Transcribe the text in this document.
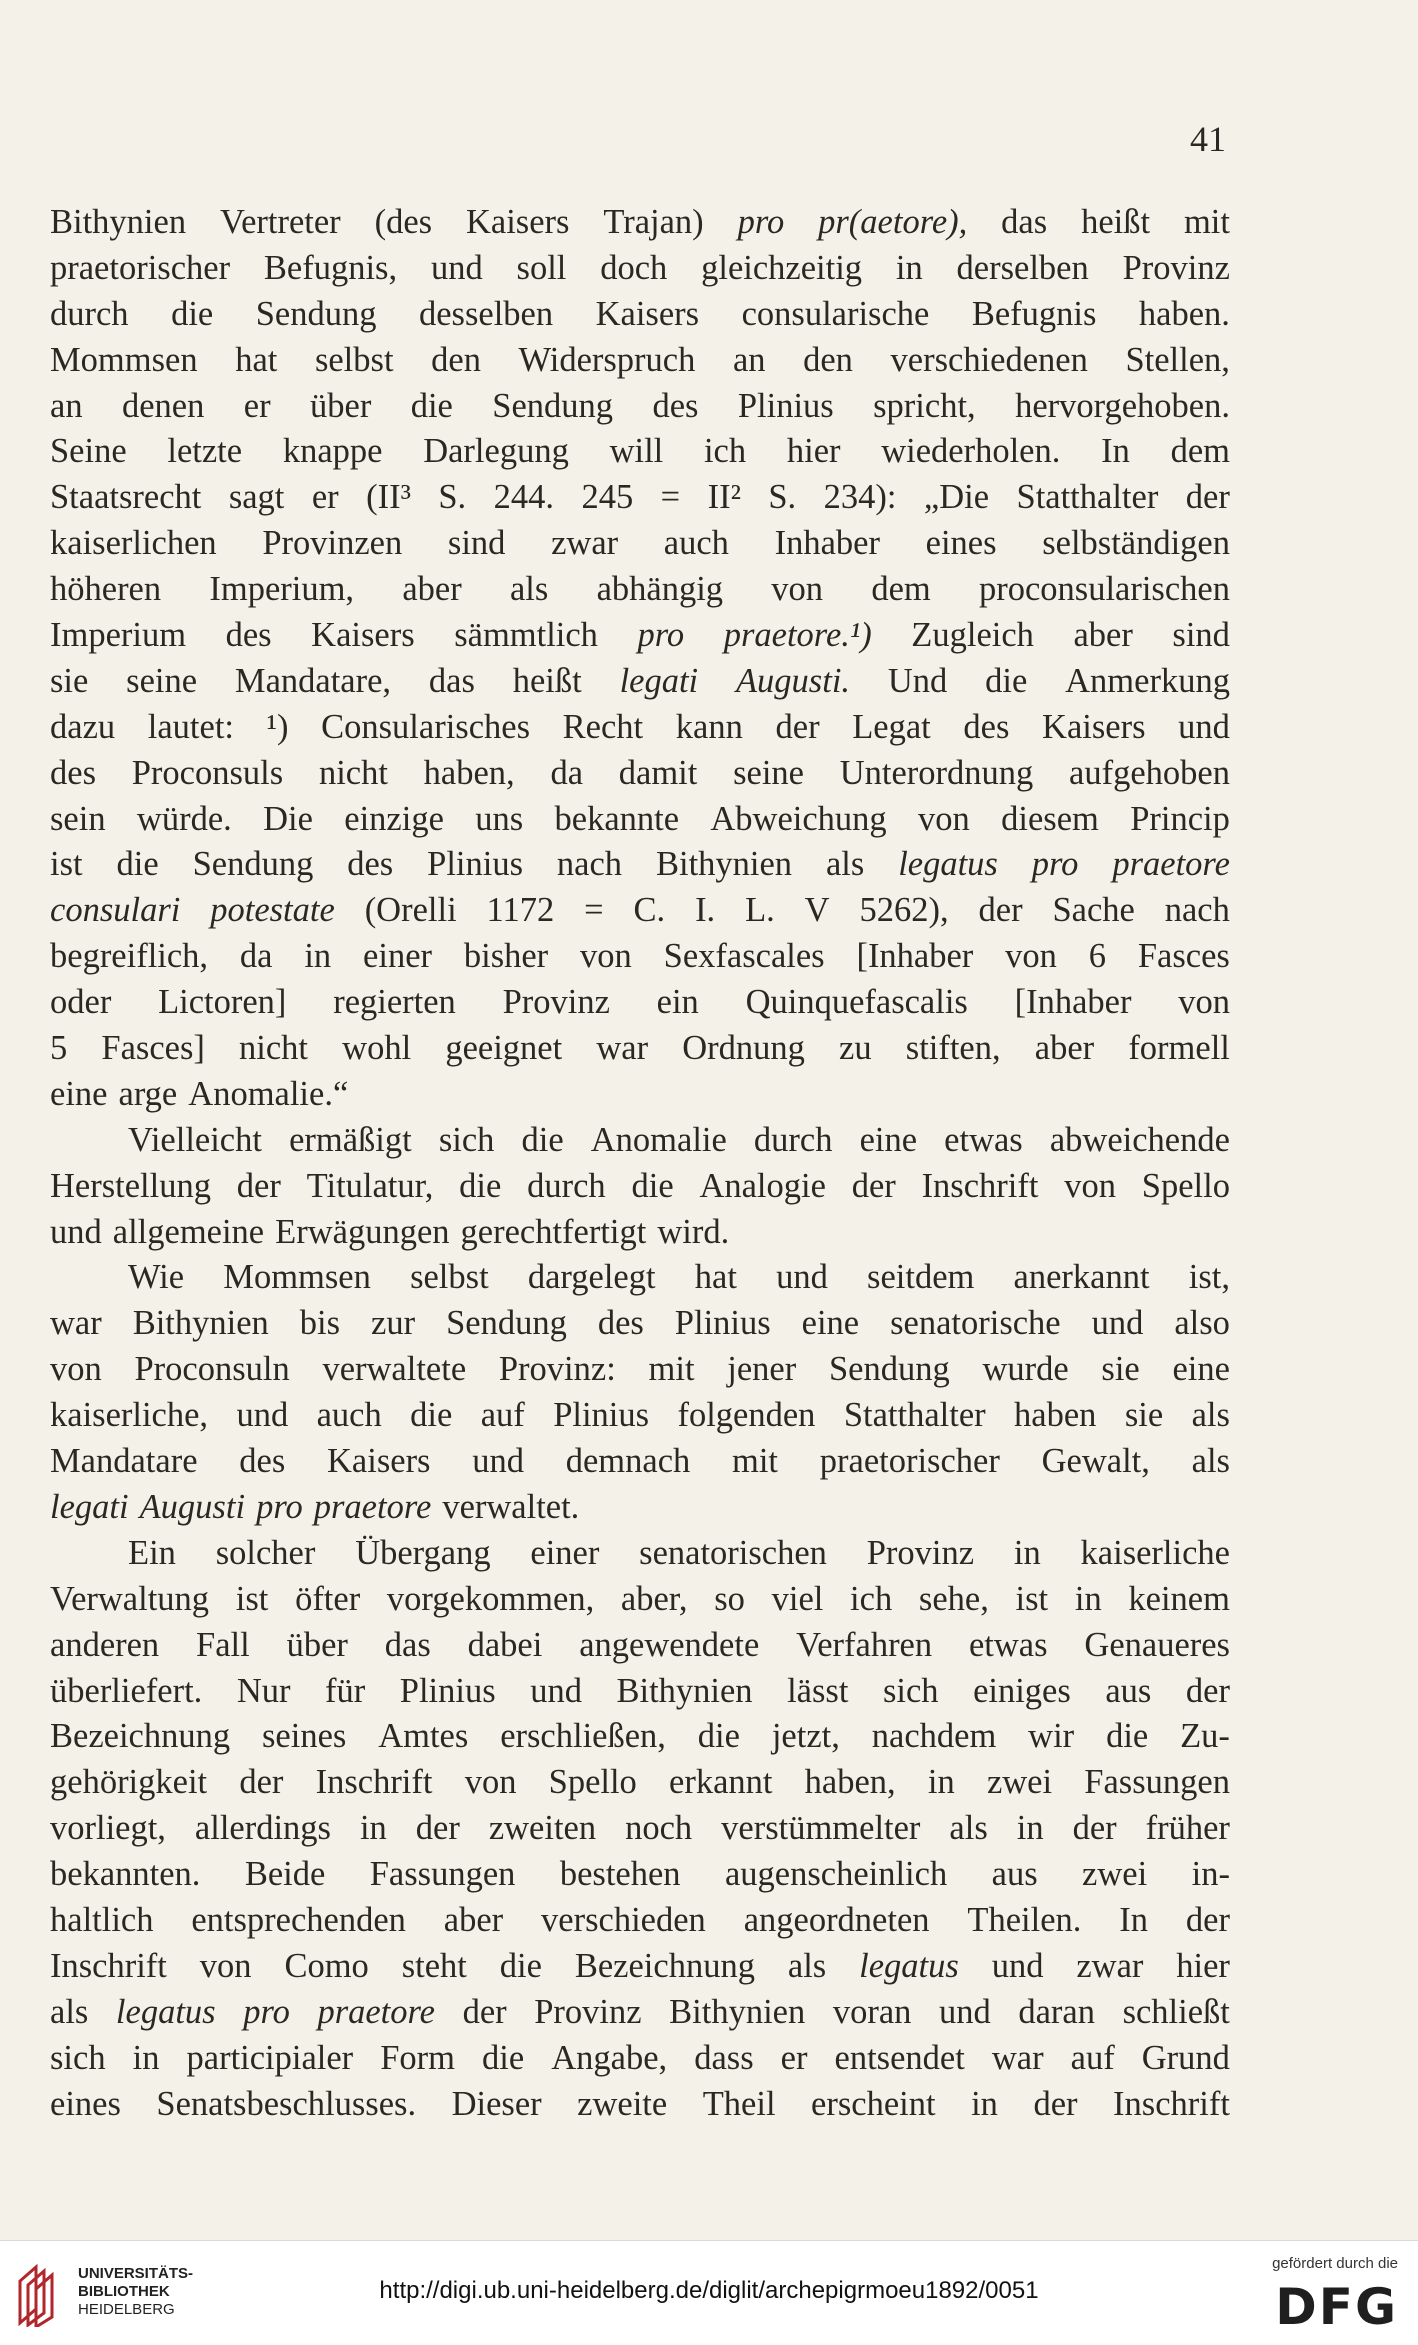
41
Bithynien Vertreter (des Kaisers Trajan) pro pr(aetore), das heißt mit
praetorischer Befugnis, und soll doch gleichzeitig in derselben Provinz
durch die Sendung desselben Kaisers consularische Befugnis haben.
Mommsen hat selbst den Widerspruch an den verschiedenen Stellen,
an denen er über die Sendung des Plinius spricht, hervorgehoben.
Seine letzte knappe Darlegung will ich hier wiederholen. In dem
Staatsrecht sagt er (II³ S. 244. 245 = II² S. 234): „Die Statthalter der
kaiserlichen Provinzen sind zwar auch Inhaber eines selbständigen
höheren Imperium, aber als abhängig von dem proconsularischen
Imperium des Kaisers sämmtlich pro praetore.¹) Zugleich aber sind
sie seine Mandatare, das heißt legati Augusti. Und die Anmerkung
dazu lautet: ¹) Consularisches Recht kann der Legat des Kaisers und
des Proconsuls nicht haben, da damit seine Unterordnung aufgehoben
sein würde. Die einzige uns bekannte Abweichung von diesem Princip
ist die Sendung des Plinius nach Bithynien als legatus pro praetore
consulari potestate (Orelli 1172 = C. I. L. V 5262), der Sache nach
begreiflich, da in einer bisher von Sexfascales [Inhaber von 6 Fasces
oder Lictoren] regierten Provinz ein Quinquefascalis [Inhaber von
5 Fasces] nicht wohl geeignet war Ordnung zu stiften, aber formell
eine arge Anomalie.“
Vielleicht ermäßigt sich die Anomalie durch eine etwas abweichende
Herstellung der Titulatur, die durch die Analogie der Inschrift von Spello
und allgemeine Erwägungen gerechtfertigt wird.
Wie Mommsen selbst dargelegt hat und seitdem anerkannt ist,
war Bithynien bis zur Sendung des Plinius eine senatorische und also
von Proconsuln verwaltete Provinz: mit jener Sendung wurde sie eine
kaiserliche, und auch die auf Plinius folgenden Statthalter haben sie als
Mandatare des Kaisers und demnach mit praetorischer Gewalt, als
legati Augusti pro praetore verwaltet.
Ein solcher Übergang einer senatorischen Provinz in kaiserliche
Verwaltung ist öfter vorgekommen, aber, so viel ich sehe, ist in keinem
anderen Fall über das dabei angewendete Verfahren etwas Genaueres
überliefert. Nur für Plinius und Bithynien lässt sich einiges aus der
Bezeichnung seines Amtes erschließen, die jetzt, nachdem wir die Zu-
gehörigkeit der Inschrift von Spello erkannt haben, in zwei Fassungen
vorliegt, allerdings in der zweiten noch verstümmelter als in der früher
bekannten. Beide Fassungen bestehen augenscheinlich aus zwei in-
haltlich entsprechenden aber verschieden angeordneten Theilen. In der
Inschrift von Como steht die Bezeichnung als legatus und zwar hier
als legatus pro praetore der Provinz Bithynien voran und daran schließt
sich in participialer Form die Angabe, dass er entsendet war auf Grund
eines Senatsbeschlusses. Dieser zweite Theil erscheint in der Inschrift
UNIVERSITÄTS-
BIBLIOTHEK
HEIDELBERG
http://digi.ub.uni-heidelberg.de/diglit/archepigrmoeu1892/0051
gefördert durch die
DFG
